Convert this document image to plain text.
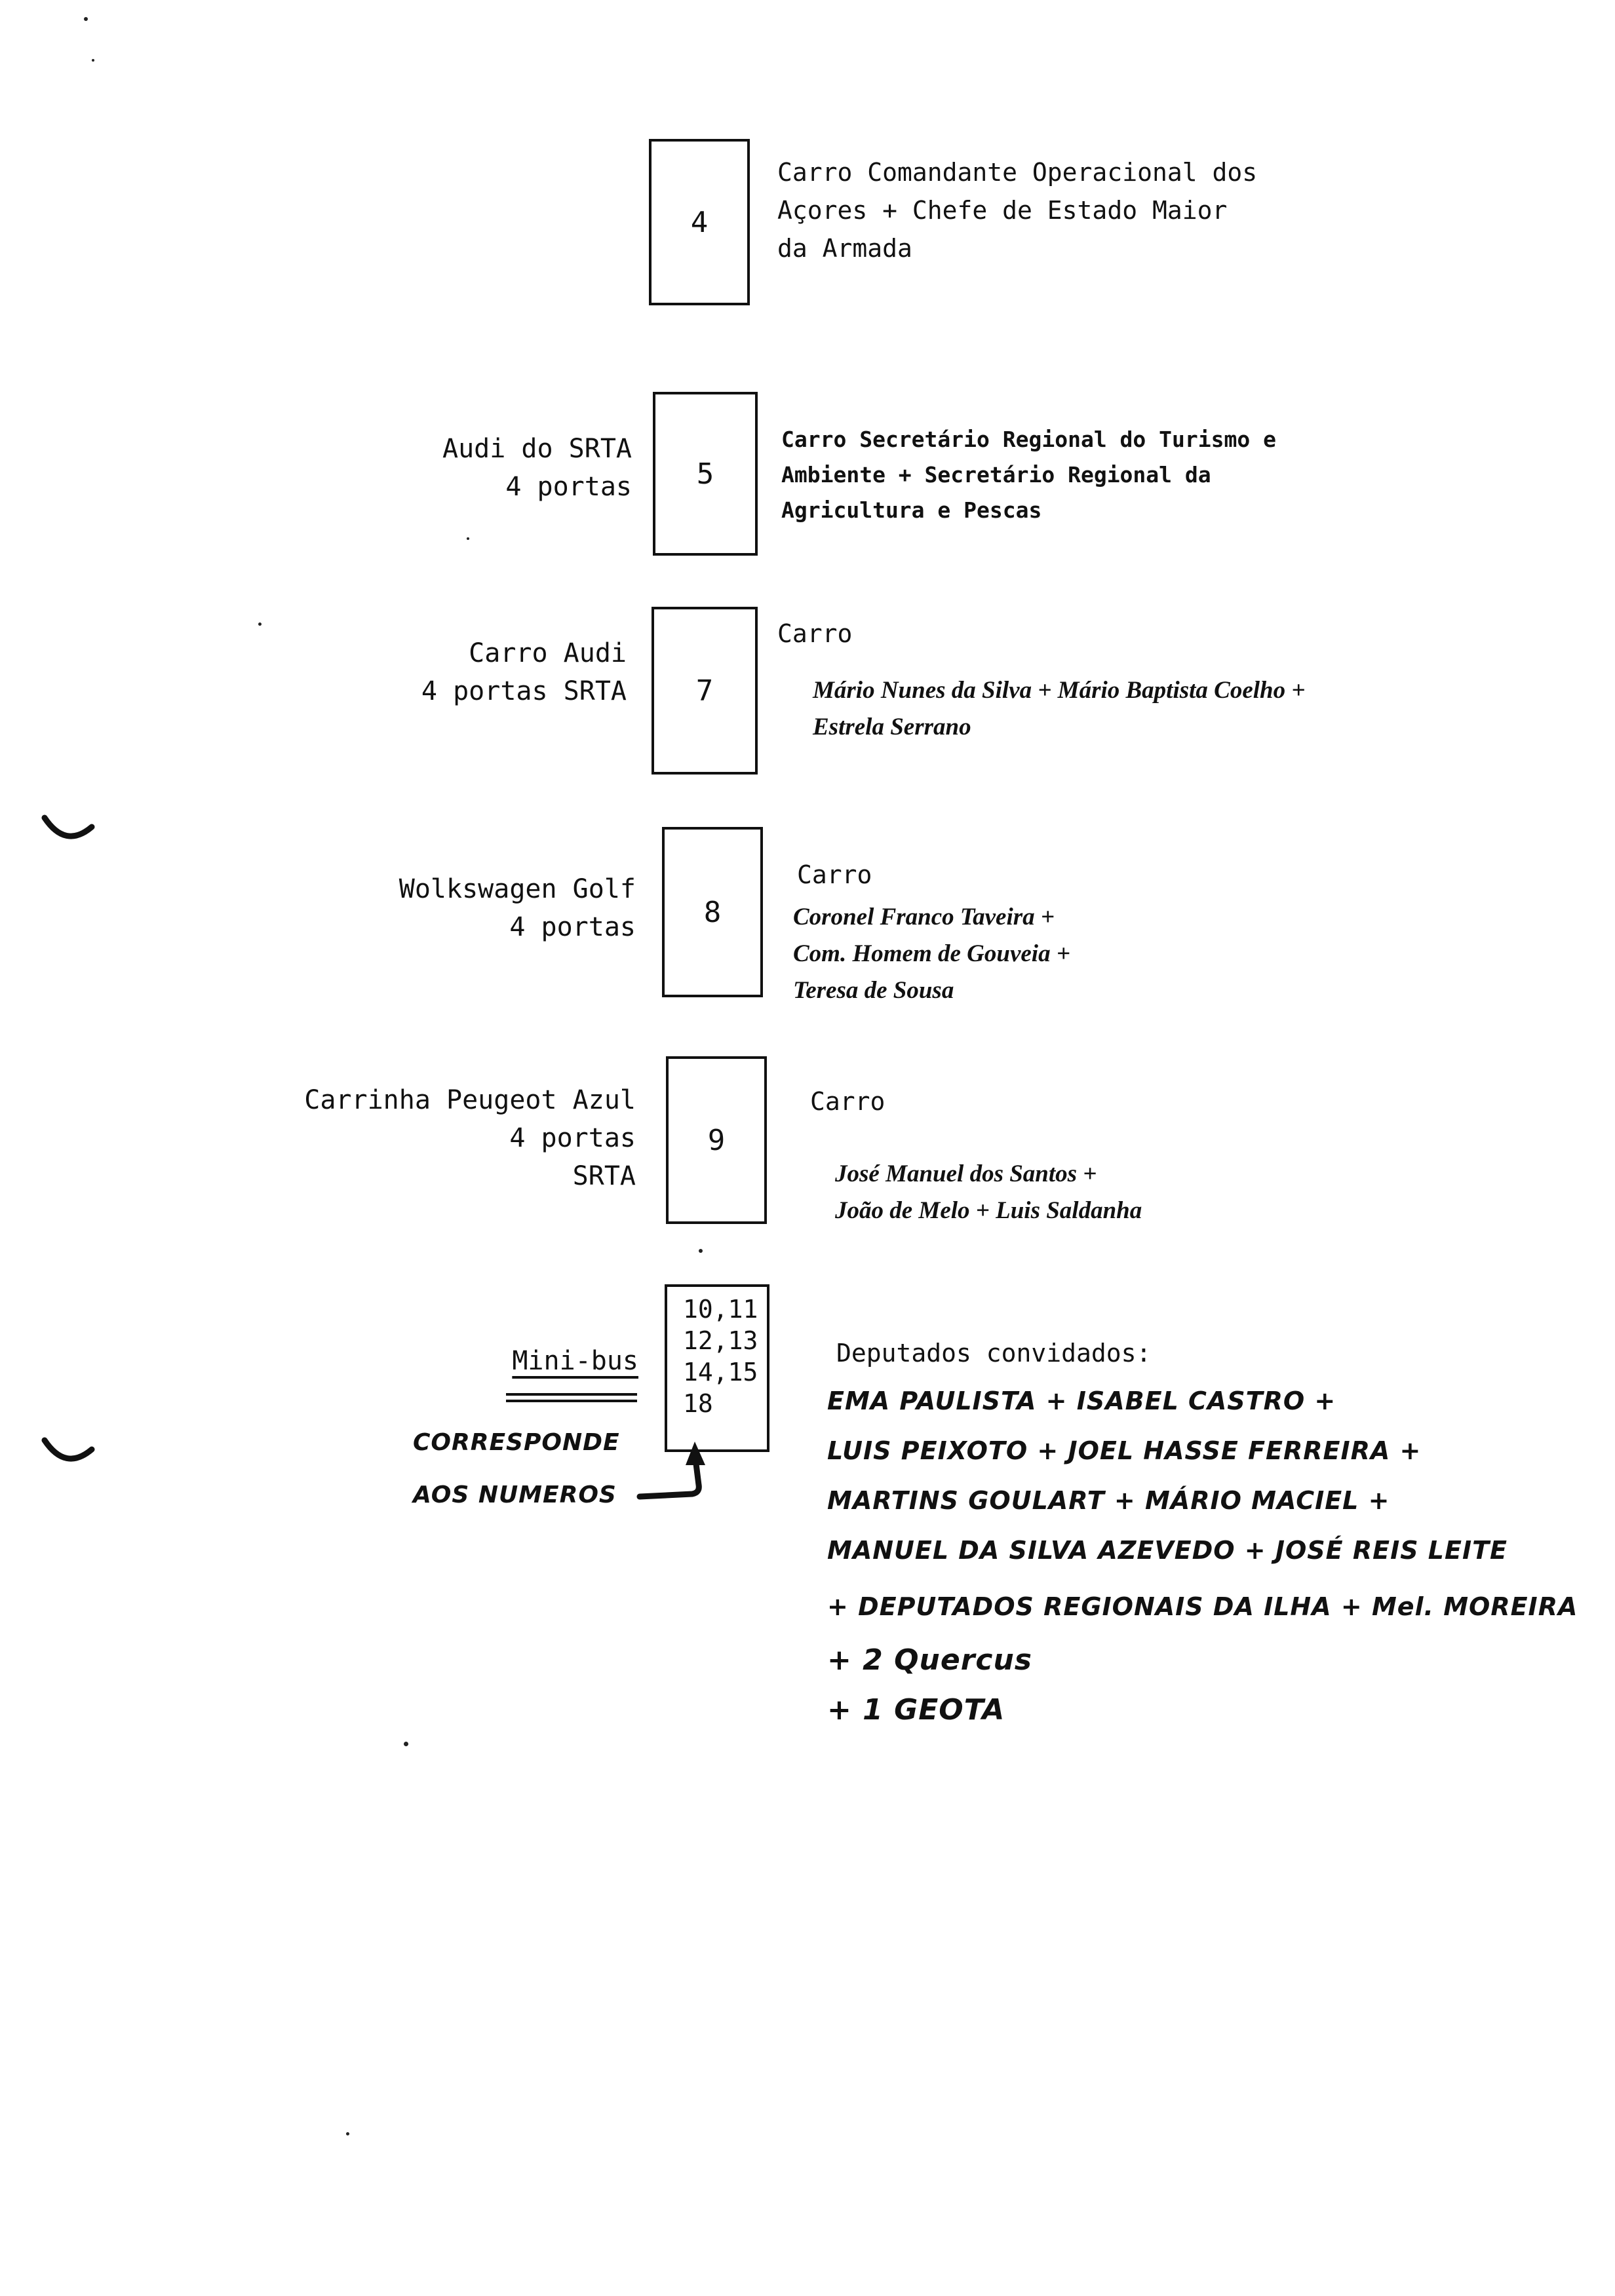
4
Carro Comandante Operacional dos
Açores + Chefe de Estado Maior
da Armada
Audi do SRTA
4 portas 5
Carro Secretário Regional do Turismo e
Ambiente + Secretário Regional da
Agricultura e Pescas
Carro Audi
4 portas SRTA 7
Carro
Mário Nunes da Silva + Mário Baptista Coelho +
Estrela Serrano
Wolkswagen Golf
4 portas 8
Carro
Coronel Franco Taveira +
Com. Homem de Gouveia +
Teresa de Sousa
Carrinha Peugeot Azul
4 portas
SRTA
9
Carro
José Manuel dos Santos +
João de Melo + Luis Saldanha
Mini-bus
10,11
12,13
14,15
18
CORRESPONDE
AOS NUMEROS
Deputados convidados:
EMA PAULISTA + ISABEL CASTRO +
LUIS PEIXOTO + JOEL HASSE FERREIRA +
MARTINS GOULART + MÁRIO MACIEL +
MANUEL DA SILVA AZEVEDO + JOSÉ REIS LEITE
+ DEPUTADOS REGIONAIS DA ILHA + Mel. MOREIRA
+ 2 Quercus
+ 1 GEOTA
